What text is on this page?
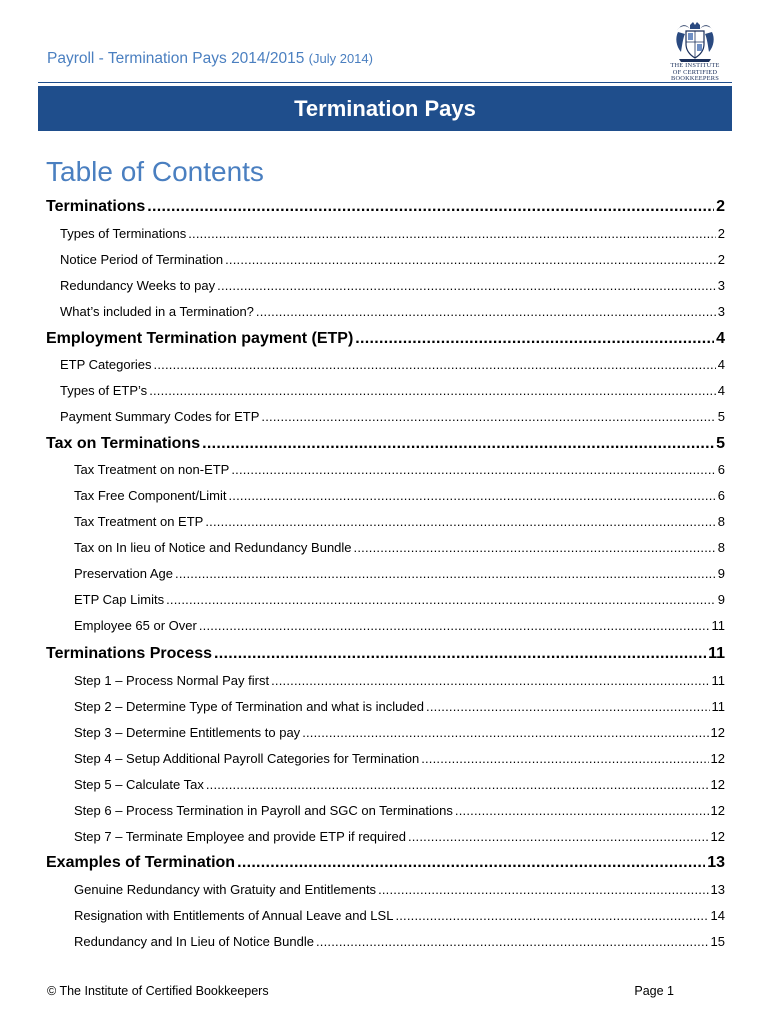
Payroll - Termination Pays 2014/2015 (July 2014)	THE INSTITUTE
OF CERTIFIED
BOOKKEEPERS
Termination Pays
Table of Contents
Terminations .....	2
Types of Terminations .....	2
Notice Period of Termination .....	2
Redundancy Weeks to pay .....	3
What’s included in a Termination? .....	3
Employment Termination payment (ETP) .....	4
ETP Categories .....	4
Types of ETP’s .....	4
Payment Summary Codes for ETP .....	5
Tax on Terminations .....	5
Tax Treatment on non-ETP .....	6
Tax Free Component/Limit .....	6
Tax Treatment on ETP .....	8
Tax on In lieu of Notice and Redundancy Bundle .....	8
Preservation Age .....	9
ETP Cap Limits .....	9
Employee 65 or Over .....	11
Terminations Process .....	11
Step 1 – Process Normal Pay first .....	11
Step 2 – Determine Type of Termination and what is included .....	11
Step 3 – Determine Entitlements to pay .....	12
Step 4 – Setup Additional Payroll Categories for Termination .....	12
Step 5 – Calculate Tax .....	12
Step 6 – Process Termination in Payroll and SGC on Terminations .....	12
Step 7 – Terminate Employee and provide ETP if required .....	12
Examples of Termination .....	13
Genuine Redundancy with Gratuity and Entitlements .....	13
Resignation with Entitlements of Annual Leave and LSL .....	14
Redundancy and In Lieu of Notice Bundle .....	15
© The Institute of Certified Bookkeepers	Page 1
